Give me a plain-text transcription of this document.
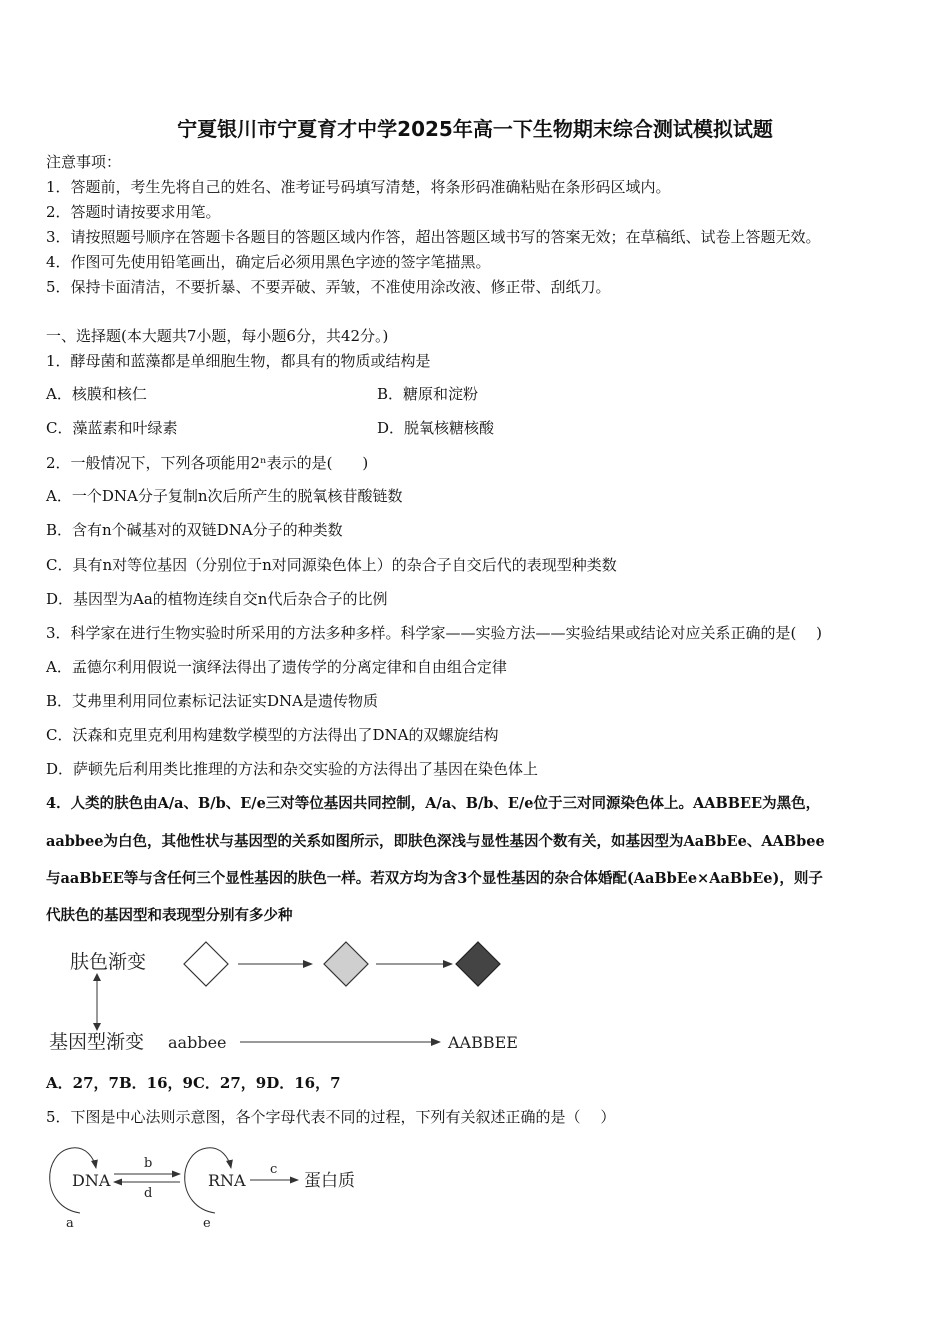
宁夏银川市宁夏育才中学2025年高一下生物期末综合测试模拟试题
注意事项：
1．答题前，考生先将自己的姓名、准考证号码填写清楚，将条形码准确粘贴在条形码区域内。
2．答题时请按要求用笔。
3．请按照题号顺序在答题卡各题目的答题区域内作答，超出答题区域书写的答案无效；在草稿纸、试卷上答题无效。
4．作图可先使用铅笔画出，确定后必须用黑色字迹的签字笔描黑。
5．保持卡面清洁，不要折暴、不要弄破、弄皱，不准使用涂改液、修正带、刮纸刀。
一、选择题(本大题共7小题，每小题6分，共42分。)
1．酵母菌和蓝藻都是单细胞生物，都具有的物质或结构是
A．核膜和核仁	B．糖原和淀粉
C．藻蓝素和叶绿素	D．脱氧核糖核酸
2．一般情况下，下列各项能用2ⁿ表示的是(　　)
A．一个DNA分子复制n次后所产生的脱氧核苷酸链数
B．含有n个碱基对的双链DNA分子的种类数
C．具有n对等位基因（分别位于n对同源染色体上）的杂合子自交后代的表现型种类数
D．基因型为Aa的植物连续自交n代后杂合子的比例
3．科学家在进行生物实验时所采用的方法多种多样。科学家——实验方法——实验结果或结论对应关系正确的是(　 )
A．孟德尔利用假说一演绎法得出了遗传学的分离定律和自由组合定律
B．艾弗里利用同位素标记法证实DNA是遗传物质
C．沃森和克里克利用构建数学模型的方法得出了DNA的双螺旋结构
D．萨顿先后利用类比推理的方法和杂交实验的方法得出了基因在染色体上
4．人类的肤色由A/a、B/b、E/e三对等位基因共同控制，A/a、B/b、E/e位于三对同源染色体上。AABBEE为黑色，
aabbee为白色，其他性状与基因型的关系如图所示，即肤色深浅与显性基因个数有关，如基因型为AaBbEe、AABbee
与aaBbEE等与含任何三个显性基因的肤色一样。若双方均为含3个显性基因的杂合体婚配(AaBbEe×AaBbEe)，则子
代肤色的基因型和表现型分别有多少种
肤色渐变
基因型渐变 aabbee	AABBEE
A．27，7B．16，9C．27，9D．16，7
5．下图是中心法则示意图，各个字母代表不同的过程，下列有关叙述正确的是（　 ）
DNA
a
b
d
RNA
e
c
蛋白质
